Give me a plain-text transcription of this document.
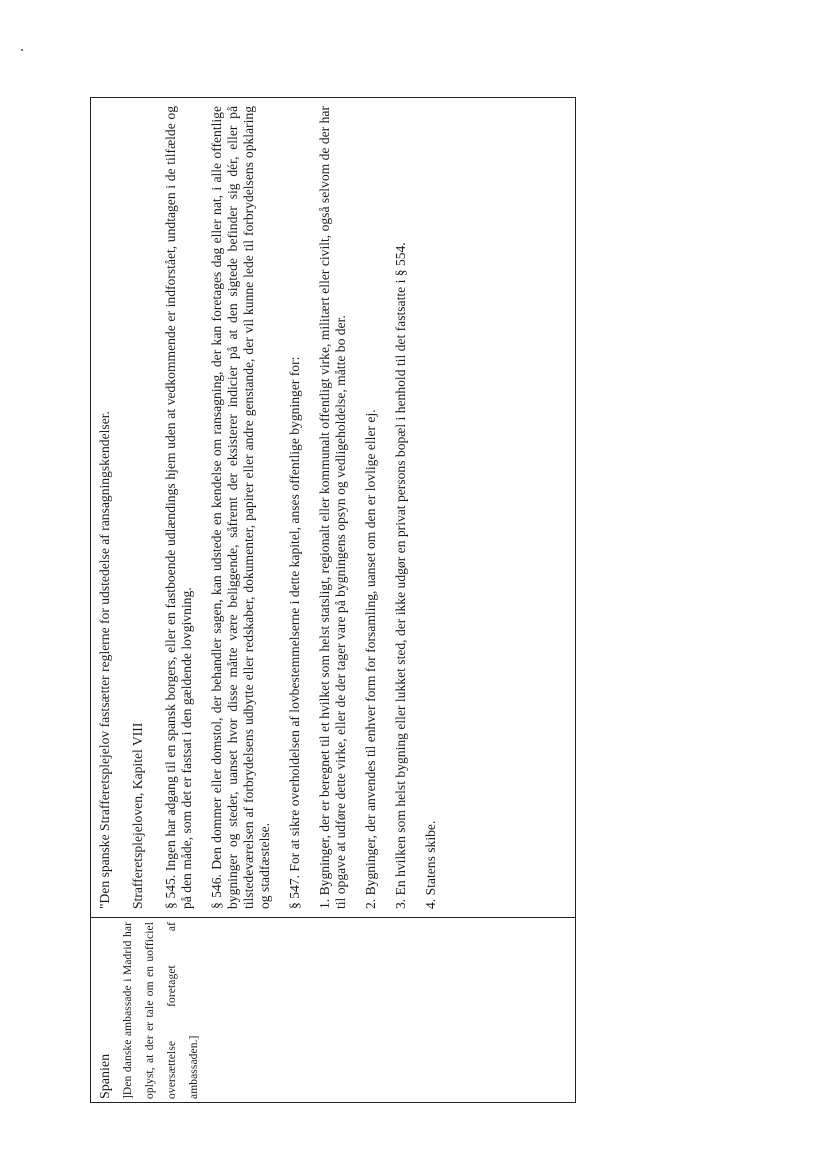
"Den spanske Strafferetsplejelov fastsætter reglerne for udstedelse af ransagningskendelser. Strafferetsplejeloven, Kapitel VIII § 545. Ingen har adgang til en spansk borgers, eller en fastboende udlændings hjem uden at vedkommende er indforstået, undtagen i de tilfælde og på den måde, som det er fastsat i den gældende lovgivning. § 546. Den dommer eller domstol, der behandler sagen, kan udstede en kendelse om ransagning, der kan foretages dag eller nat, i alle offentlige bygninger og steder, uanset hvor disse måtte være beliggende, såfremt der eksisterer indicier på at den sigtede befinder sig dér, eller på tilstedeværelsen af forbrydelsens udbytte eller redskaber, dokumenter, papirer eller andre genstande, der vil kunne lede til forbrydelsens opklaring og stadfæstelse. § 547. For at sikre overholdelsen af lovbestemmelserne i dette kapitel, anses offentlige bygninger for: 1. Bygninger, der er beregnet til et hvilket som helst statsligt, regionalt eller kommunalt offentligt virke, militært eller civilt, også selvom de der har til opgave at udføre dette virke, eller de der tager vare på bygningens opsyn og vedligeholdelse, måtte bo der. 2. Bygninger, der anvendes til enhver form for forsamling, uanset om den er lovlige eller ej. 3. En hvilken som helst bygning eller lukket sted, der ikke udgør en privat persons bopæl i henhold til det fastsatte i § 554. 4. Statens skibe.

Spanien ]Den danske ambassade i Madrid har oplyst, at der er tale om en uofficiel oversættelse foretaget af ambassaden.]
